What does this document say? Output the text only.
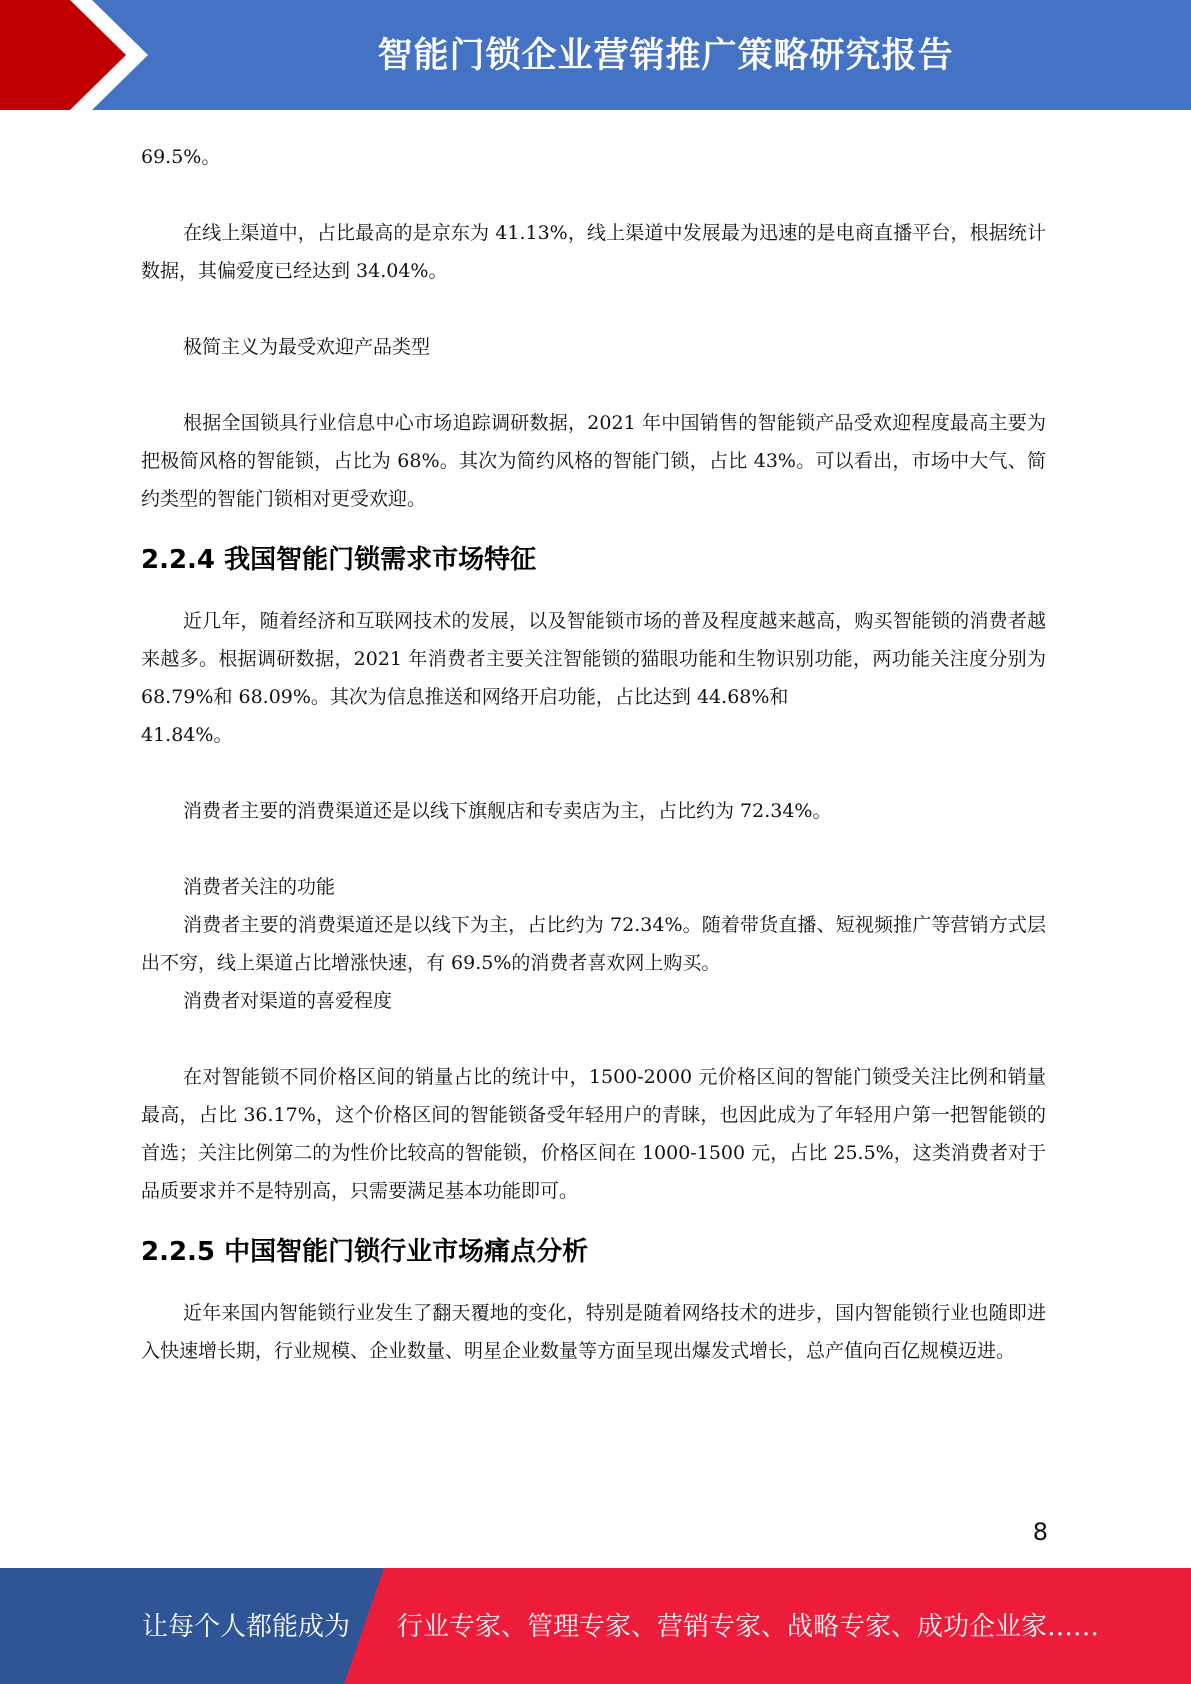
智能门锁企业营销推广策略研究报告

69.5%。

在线上渠道中，占比最高的是京东为 41.13%，线上渠道中发展最为迅速的是电商直播平台，根据统计数据，其偏爱度已经达到 34.04%。

极简主义为最受欢迎产品类型

根据全国锁具行业信息中心市场追踪调研数据，2021 年中国销售的智能锁产品受欢迎程度最高主要为把极简风格的智能锁，占比为 68%。其次为简约风格的智能门锁，占比 43%。可以看出，市场中大气、简约类型的智能门锁相对更受欢迎。

2.2.4 我国智能门锁需求市场特征

近几年，随着经济和互联网技术的发展，以及智能锁市场的普及程度越来越高，购买智能锁的消费者越来越多。根据调研数据，2021 年消费者主要关注智能锁的猫眼功能和生物识别功能，两功能关注度分别为 68.79%和 68.09%。其次为信息推送和网络开启功能，占比达到 44.68%和

41.84%。

消费者主要的消费渠道还是以线下旗舰店和专卖店为主，占比约为 72.34%。

消费者关注的功能

消费者主要的消费渠道还是以线下为主，占比约为 72.34%。随着带货直播、短视频推广等营销方式层出不穷，线上渠道占比增涨快速，有 69.5%的消费者喜欢网上购买。

消费者对渠道的喜爱程度

在对智能锁不同价格区间的销量占比的统计中，1500-2000 元价格区间的智能门锁受关注比例和销量最高，占比 36.17%，这个价格区间的智能锁备受年轻用户的青睐，也因此成为了年轻用户第一把智能锁的首选；关注比例第二的为性价比较高的智能锁，价格区间在 1000-1500 元，占比 25.5%，这类消费者对于品质要求并不是特别高，只需要满足基本功能即可。

2.2.5 中国智能门锁行业市场痛点分析

近年来国内智能锁行业发生了翻天覆地的变化，特别是随着网络技术的进步，国内智能锁行业也随即进入快速增长期，行业规模、企业数量、明星企业数量等方面呈现出爆发式增长，总产值向百亿规模迈进。

8
让每个人都能成为 行业专家、管理专家、营销专家、战略专家、成功企业家……
